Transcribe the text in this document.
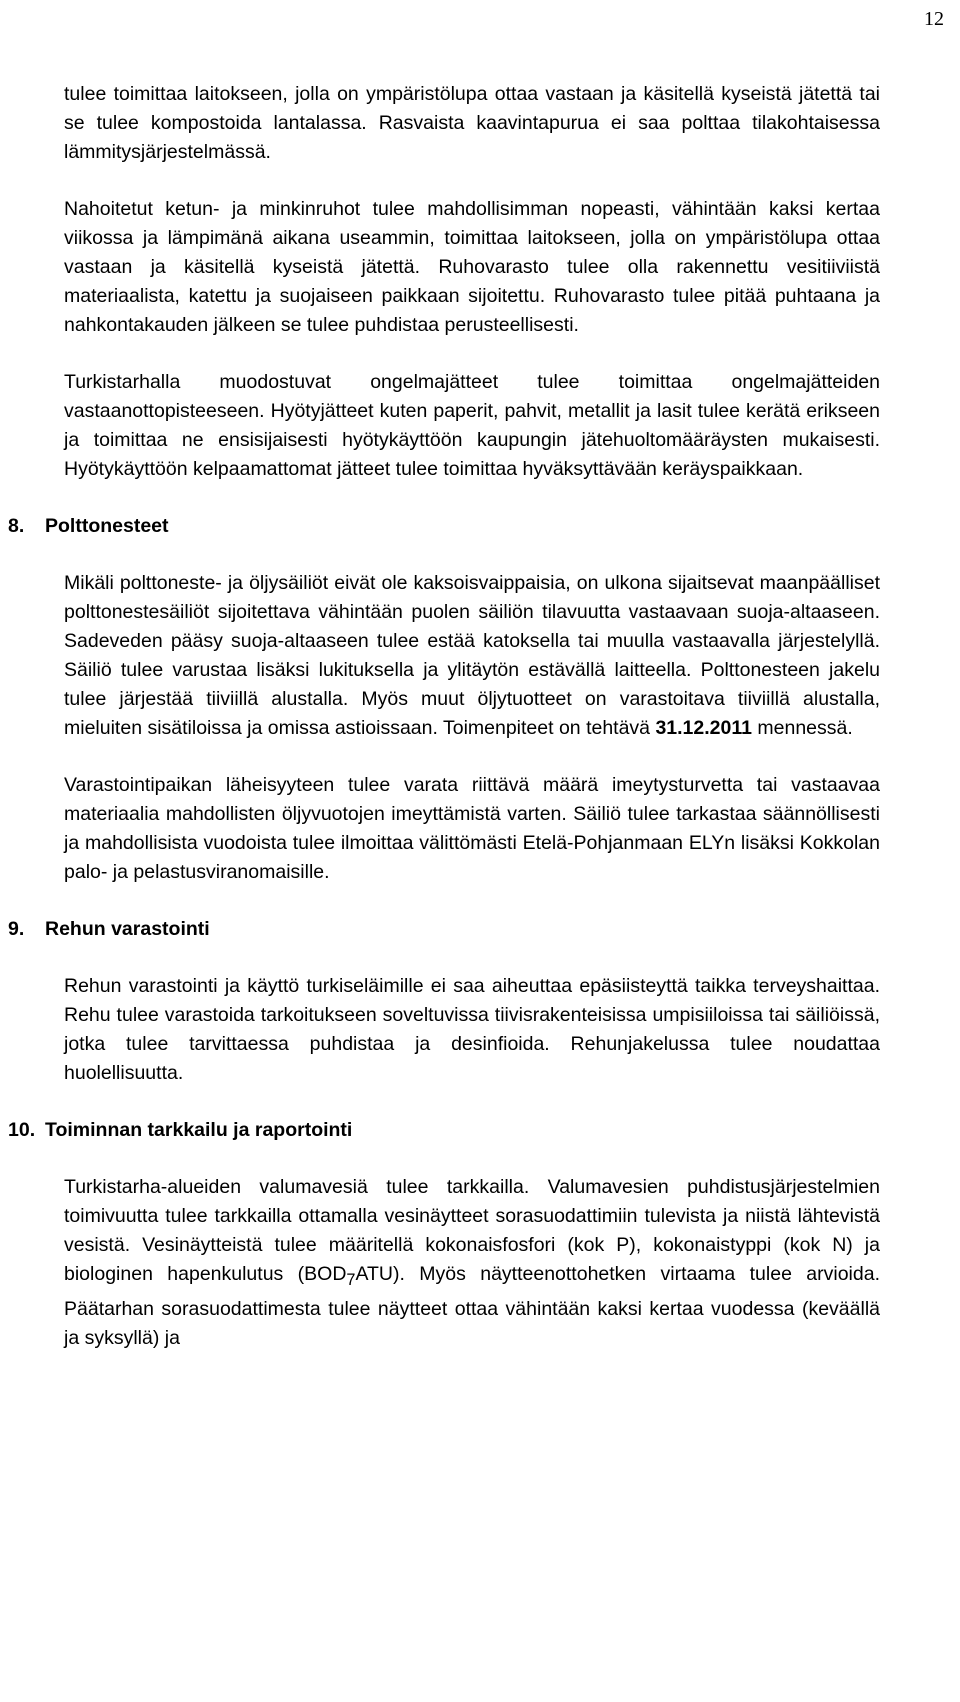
12

tulee toimittaa laitokseen, jolla on ympäristölupa ottaa vastaan ja käsitellä kyseistä jätettä tai se tulee kompostoida lantalassa. Rasvaista kaavintapurua ei saa polttaa tilakohtaisessa lämmitysjärjestelmässä.

Nahoitetut ketun- ja minkinruhot tulee mahdollisimman nopeasti, vähintään kaksi kertaa viikossa ja lämpimänä aikana useammin, toimittaa laitokseen, jolla on ympäristölupa ottaa vastaan ja käsitellä kyseistä jätettä. Ruhovarasto tulee olla rakennettu vesitiiviistä materiaalista, katettu ja suojaiseen paikkaan sijoitettu. Ruhovarasto tulee pitää puhtaana ja nahkontakauden jälkeen se tulee puhdistaa perusteellisesti.

Turkistarhalla muodostuvat ongelmajätteet tulee toimittaa ongelmajätteiden vastaanottopisteeseen. Hyötyjätteet kuten paperit, pahvit, metallit ja lasit tulee kerätä erikseen ja toimittaa ne ensisijaisesti hyötykäyttöön kaupungin jätehuoltomääräysten mukaisesti. Hyötykäyttöön kelpaamattomat jätteet tulee toimittaa hyväksyttävään keräyspaikkaan.

8.	Polttonesteet

Mikäli polttoneste- ja öljysäiliöt eivät ole kaksoisvaippaisia, on ulkona sijaitsevat maanpäälliset polttonestesäiliöt sijoitettava vähintään puolen säiliön tilavuutta vastaavaan suoja-altaaseen. Sadeveden pääsy suoja-altaaseen tulee estää katoksella tai muulla vastaavalla järjestelyllä. Säiliö tulee varustaa lisäksi lukituksella ja ylitäytön estävällä laitteella. Polttonesteen jakelu tulee järjestää tiiviillä alustalla. Myös muut öljytuotteet on varastoitava tiiviillä alustalla, mieluiten sisätiloissa ja omissa astioissaan. Toimenpiteet on tehtävä 31.12.2011 mennessä.

Varastointipaikan läheisyyteen tulee varata riittävä määrä imeytysturvetta tai vastaavaa materiaalia mahdollisten öljyvuotojen imeyttämistä varten. Säiliö tulee tarkastaa säännöllisesti ja mahdollisista vuodoista tulee ilmoittaa välittömästi Etelä-Pohjanmaan ELYn lisäksi Kokkolan palo- ja pelastusviranomaisille.

9.	Rehun varastointi

Rehun varastointi ja käyttö turkiseläimille ei saa aiheuttaa epäsiisteyttä taikka terveyshaittaa. Rehu tulee varastoida tarkoitukseen soveltuvissa tiivisrakenteisissa umpisiiloissa tai säiliöissä, jotka tulee tarvittaessa puhdistaa ja desinfioida. Rehunjakelussa tulee noudattaa huolellisuutta.

10. Toiminnan tarkkailu ja raportointi

Turkistarha-alueiden valumavesiä tulee tarkkailla. Valumavesien puhdistusjärjestelmien toimivuutta tulee tarkkailla ottamalla vesinäytteet sorasuodattimiin tulevista ja niistä lähtevistä vesistä. Vesinäytteistä tulee määritellä kokonaisfosfori (kok P), kokonaistyppi (kok N) ja biologinen hapenkulutus $(BOD_7ATU)$. Myös näytteenottohetken virtaama tulee arvioida. Päätarhan sorasuodattimesta tulee näytteet ottaa vähintään kaksi kertaa vuodessa (keväällä ja syksyllä) ja
